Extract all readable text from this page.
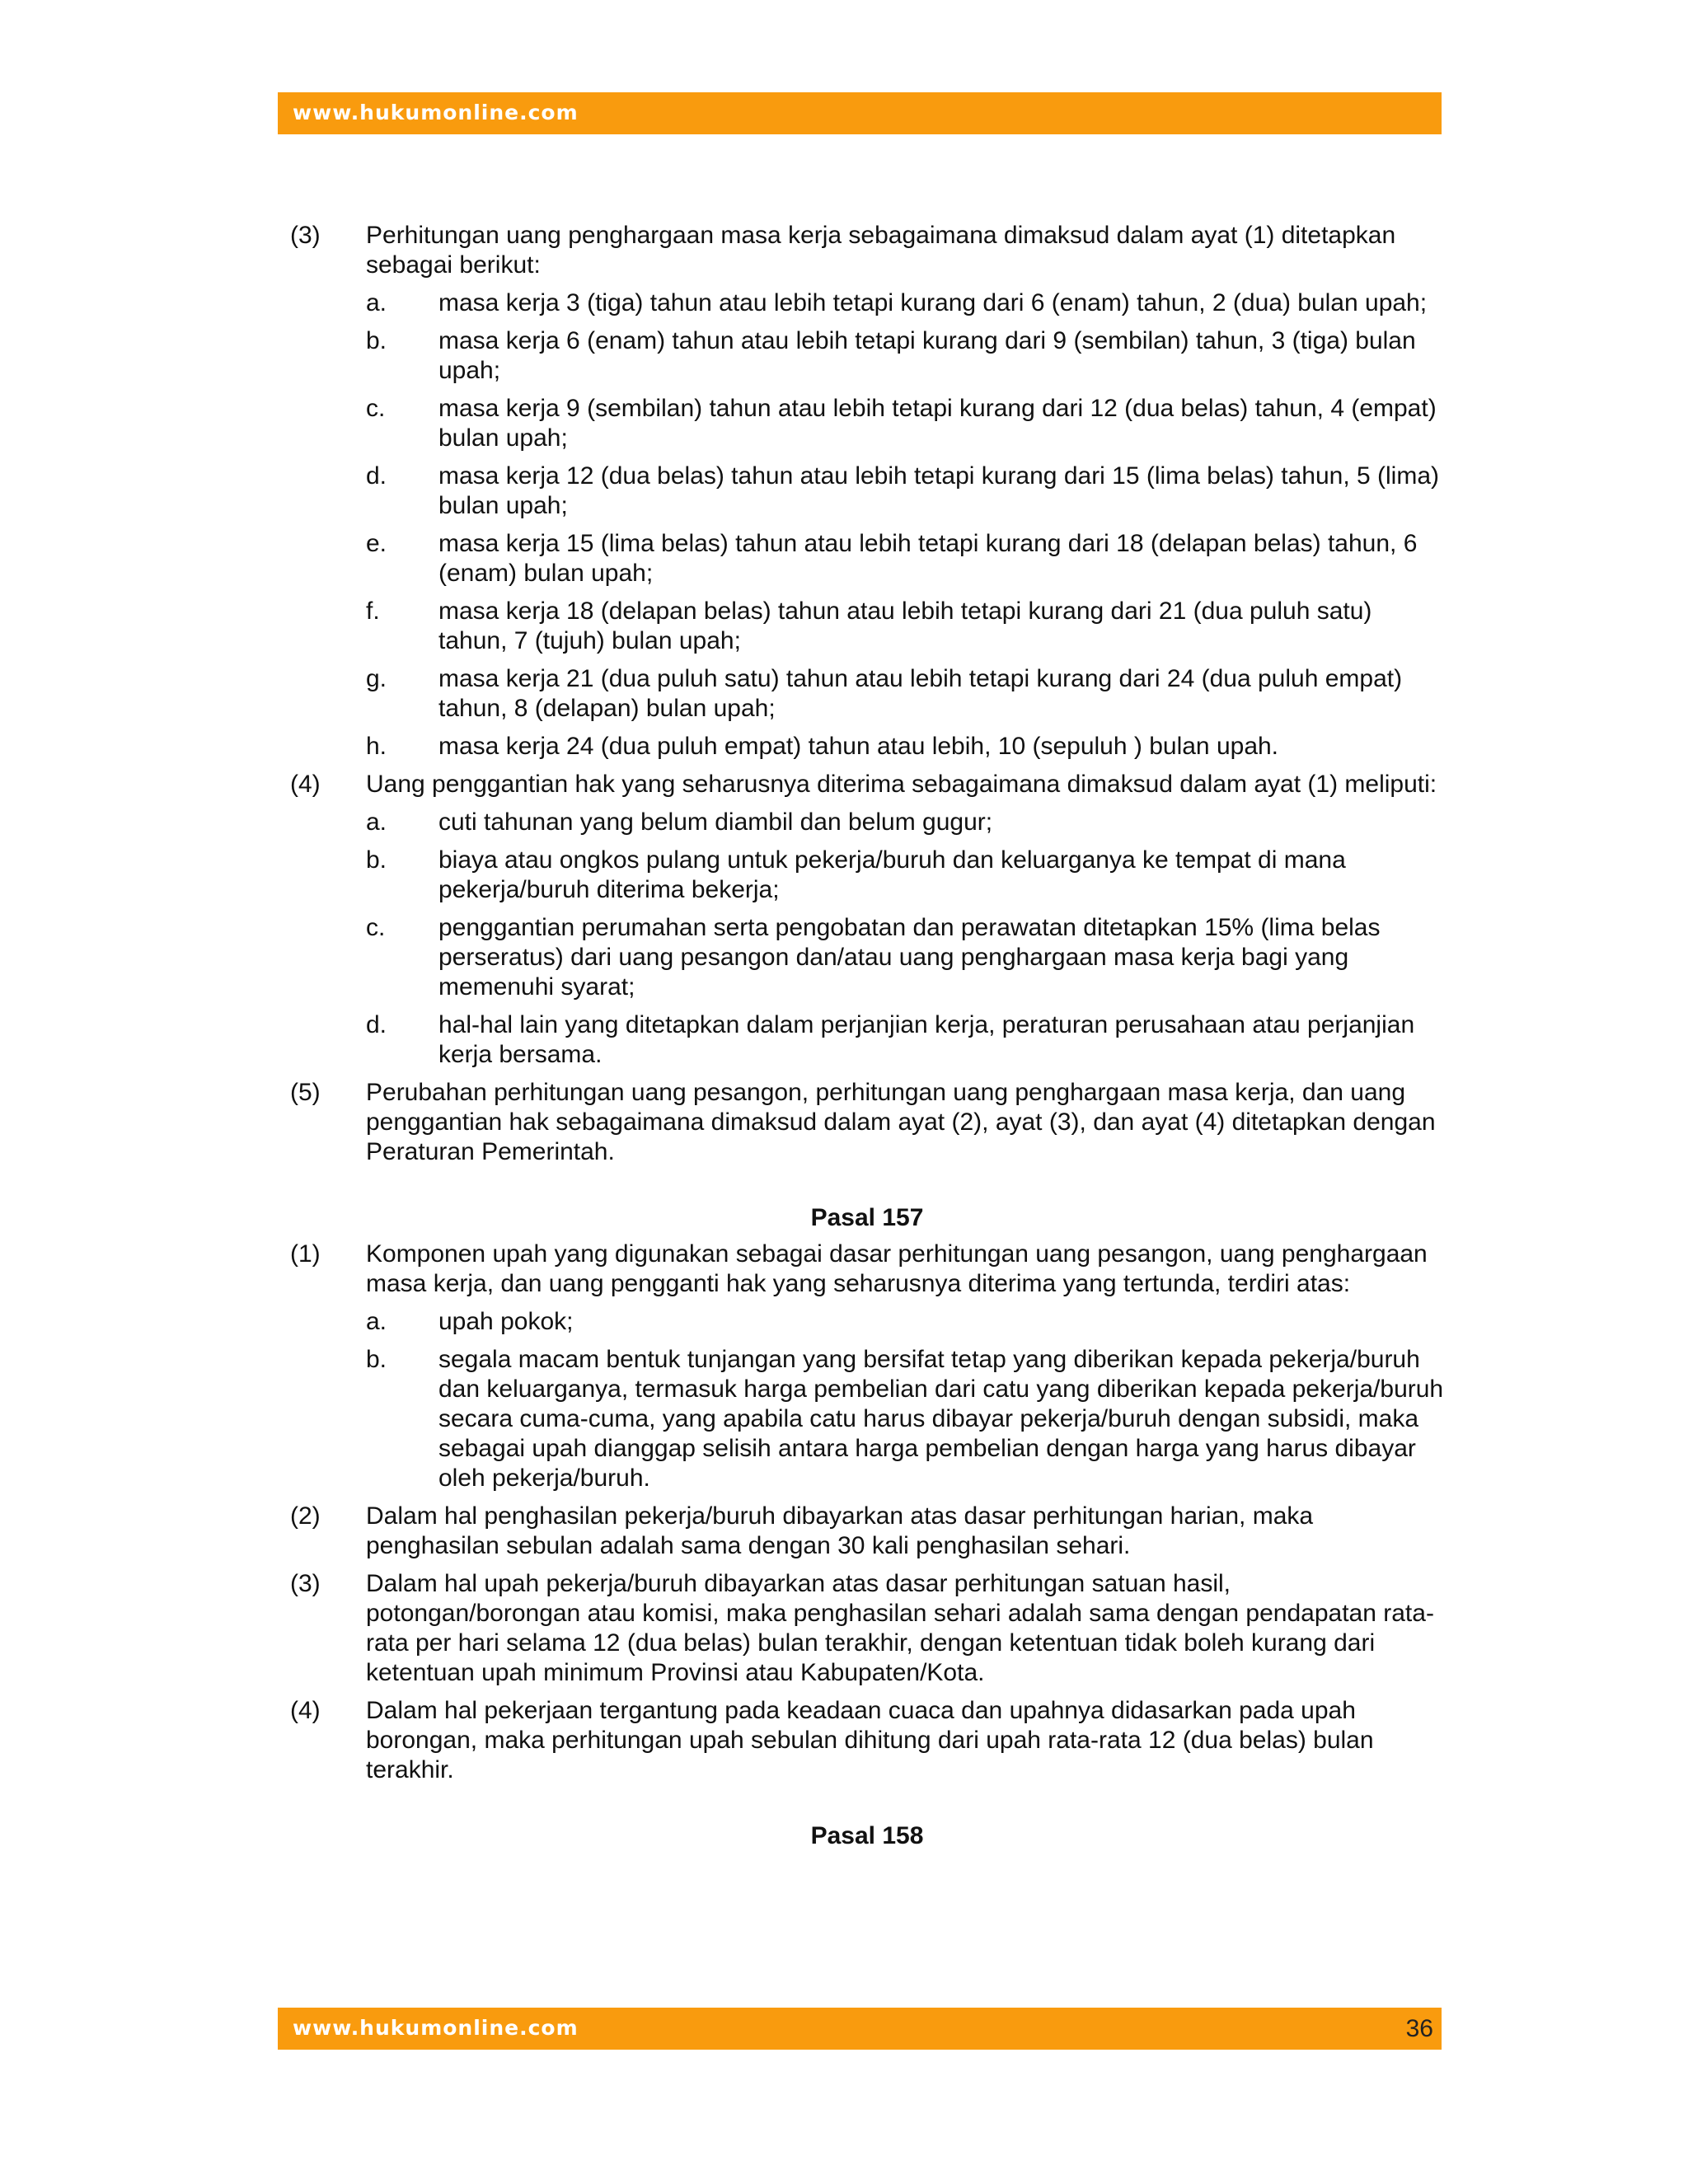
www.hukumonline.com
(3)	Perhitungan uang penghargaan masa kerja sebagaimana dimaksud dalam ayat (1) ditetapkan sebagai berikut:
a.	masa kerja 3 (tiga) tahun atau lebih tetapi kurang dari 6 (enam) tahun, 2 (dua) bulan upah;
b.	masa kerja 6 (enam) tahun atau lebih tetapi kurang dari 9 (sembilan) tahun, 3 (tiga) bulan upah;
c.	masa kerja 9 (sembilan) tahun atau lebih tetapi kurang dari 12 (dua belas) tahun, 4 (empat) bulan upah;
d.	masa kerja 12 (dua belas) tahun atau lebih tetapi kurang dari 15 (lima belas) tahun, 5 (lima) bulan upah;
e.	masa kerja 15 (lima belas) tahun atau lebih tetapi kurang dari 18 (delapan belas) tahun, 6 (enam) bulan upah;
f.	masa kerja 18 (delapan belas) tahun atau lebih tetapi kurang dari 21 (dua puluh satu) tahun, 7 (tujuh) bulan upah;
g.	masa kerja 21 (dua puluh satu) tahun atau lebih tetapi kurang dari 24 (dua puluh empat) tahun, 8 (delapan) bulan upah;
h.	masa kerja 24 (dua puluh empat) tahun atau lebih, 10 (sepuluh ) bulan upah.
(4)	Uang penggantian hak yang seharusnya diterima sebagaimana dimaksud dalam ayat (1) meliputi:
a.	cuti tahunan yang belum diambil dan belum gugur;
b.	biaya atau ongkos pulang untuk pekerja/buruh dan keluarganya ke tempat di mana pekerja/buruh diterima bekerja;
c.	penggantian perumahan serta pengobatan dan perawatan ditetapkan 15% (lima belas perseratus) dari uang pesangon dan/atau uang penghargaan masa kerja bagi yang memenuhi syarat;
d.	hal-hal lain yang ditetapkan dalam perjanjian kerja, peraturan perusahaan atau perjanjian kerja bersama.
(5)	Perubahan perhitungan uang pesangon, perhitungan uang penghargaan masa kerja, dan uang penggantian hak sebagaimana dimaksud dalam ayat (2), ayat (3), dan ayat (4) ditetapkan dengan Peraturan Pemerintah.
Pasal 157
(1)	Komponen upah yang digunakan sebagai dasar perhitungan uang pesangon, uang penghargaan masa kerja, dan uang pengganti hak yang seharusnya diterima yang tertunda, terdiri atas:
a.	upah pokok;
b.	segala macam bentuk tunjangan yang bersifat tetap yang diberikan kepada pekerja/buruh dan keluarganya, termasuk harga pembelian dari catu yang diberikan kepada pekerja/buruh secara cuma-cuma, yang apabila catu harus dibayar pekerja/buruh dengan subsidi, maka sebagai upah dianggap selisih antara harga pembelian dengan harga yang harus dibayar oleh pekerja/buruh.
(2)	Dalam hal penghasilan pekerja/buruh dibayarkan atas dasar perhitungan harian, maka penghasilan sebulan adalah sama dengan 30 kali penghasilan sehari.
(3)	Dalam hal upah pekerja/buruh dibayarkan atas dasar perhitungan satuan hasil, potongan/borongan atau komisi, maka penghasilan sehari adalah sama dengan pendapatan rata-rata per hari selama 12 (dua belas) bulan terakhir, dengan ketentuan tidak boleh kurang dari ketentuan upah minimum Provinsi atau Kabupaten/Kota.
(4)	Dalam hal pekerjaan tergantung pada keadaan cuaca dan upahnya didasarkan pada upah borongan, maka perhitungan upah sebulan dihitung dari upah rata-rata 12 (dua belas) bulan terakhir.
Pasal 158
www.hukumonline.com	36
